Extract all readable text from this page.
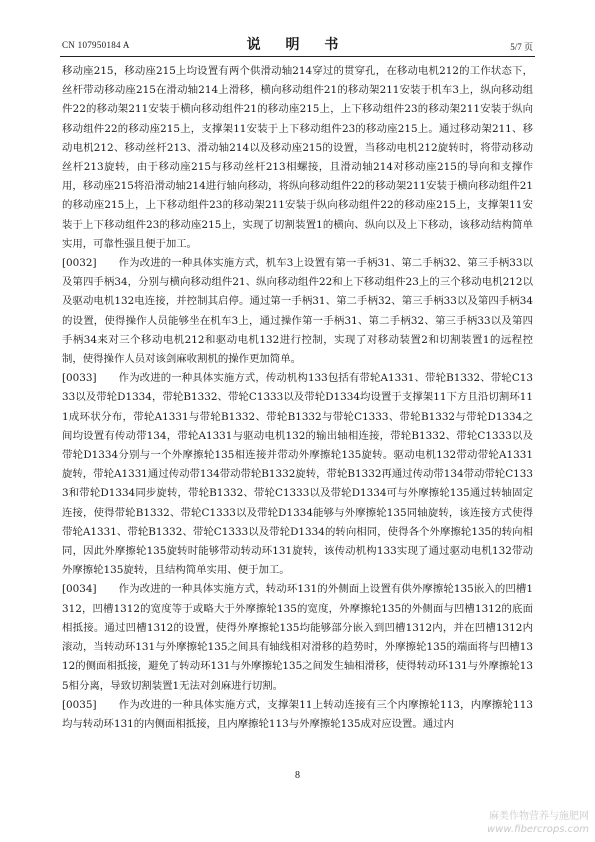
CN 107950184 A	说 明 书	5/7 页

移动座215，移动座215上均设置有两个供滑动轴214穿过的贯穿孔，在移动电机212的工作状态下，丝杆带动移动座215在滑动轴214上滑移，横向移动组件21的移动架211安装于机车3上，纵向移动组件22的移动架211安装于横向移动组件21的移动座215上，上下移动组件23的移动架211安装于纵向移动组件22的移动座215上，支撑架11安装于上下移动组件23的移动座215上。通过移动架211、移动电机212、移动丝杆213、滑动轴214以及移动座215的设置，当移动电机212旋转时，将带动移动丝杆213旋转，由于移动座215与移动丝杆213相螺接，且滑动轴214对移动座215的导向和支撑作用，移动座215将沿滑动轴214进行轴向移动，将纵向移动组件22的移动架211安装于横向移动组件21的移动座215上，上下移动组件23的移动架211安装于纵向移动组件22的移动座215上，支撑架11安装于上下移动组件23的移动座215上，实现了切割装置1的横向、纵向以及上下移动，该移动结构简单实用，可靠性强且便于加工。

[0032] 作为改进的一种具体实施方式，机车3上设置有第一手柄31、第二手柄32、第三手柄33以及第四手柄34，分别与横向移动组件21、纵向移动组件22和上下移动组件23上的三个移动电机212以及驱动电机132电连接，并控制其启停。通过第一手柄31、第二手柄32、第三手柄33以及第四手柄34的设置，使得操作人员能够坐在机车3上，通过操作第一手柄31、第二手柄32、第三手柄33以及第四手柄34来对三个移动电机212和驱动电机132进行控制，实现了对移动装置2和切割装置1的远程控制，使得操作人员对该剑麻收割机的操作更加简单。

[0033] 作为改进的一种具体实施方式，传动机构133包括有带轮A1331、带轮B1332、带轮C1333以及带轮D1334，带轮B1332、带轮C1333以及带轮D1334均设置于支撑架11下方且沿切割环111成环状分布，带轮A1331与带轮B1332、带轮B1332与带轮C1333、带轮B1332与带轮D1334之间均设置有传动带134，带轮A1331与驱动电机132的输出轴相连接，带轮B1332、带轮C1333以及带轮D1334分别与一个外摩擦轮135相连接并带动外摩擦轮135旋转。驱动电机132带动带轮A1331旋转，带轮A1331通过传动带134带动带轮B1332旋转，带轮B1332再通过传动带134带动带轮C1333和带轮D1334同步旋转，带轮B1332、带轮C1333以及带轮D1334可与外摩擦轮135通过转轴固定连接，使得带轮B1332、带轮C1333以及带轮D1334能够与外摩擦轮135同轴旋转，该连接方式使得带轮A1331、带轮B1332、带轮C1333以及带轮D1334的转向相同，使得各个外摩擦轮135的转向相同，因此外摩擦轮135旋转时能够带动转动环131旋转，该传动机构133实现了通过驱动电机132带动外摩擦轮135旋转，且结构简单实用、便于加工。

[0034] 作为改进的一种具体实施方式，转动环131的外侧面上设置有供外摩擦轮135嵌入的凹槽1312，凹槽1312的宽度等于或略大于外摩擦轮135的宽度，外摩擦轮135的外侧面与凹槽1312的底面相抵接。通过凹槽1312的设置，使得外摩擦轮135均能够部分嵌入到凹槽1312内，并在凹槽1312内滚动，当转动环131与外摩擦轮135之间具有轴线相对滑移的趋势时，外摩擦轮135的端面将与凹槽1312的侧面相抵接，避免了转动环131与外摩擦轮135之间发生轴相滑移，使得转动环131与外摩擦轮135相分离，导致切割装置1无法对剑麻进行切割。

[0035] 作为改进的一种具体实施方式，支撑架11上转动连接有三个内摩擦轮113，内摩擦轮113均与转动环131的内侧面相抵接，且内摩擦轮113与外摩擦轮135成对应设置。通过内

8
麻类作物营养与施肥网
www.fibercrops.com
